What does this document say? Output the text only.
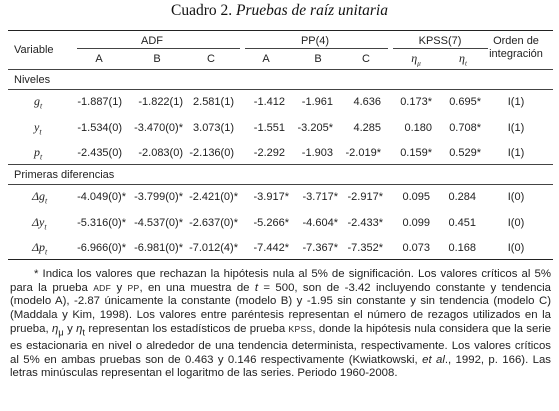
Cuadro 2. Pruebas de raíz unitaria
Variable
ADF	PP(4)	KPSS(7)	Orden de
integración
A	B	C	A	B	C	$\eta_\mu$	$\eta_t$
Niveles
$g_t$	-1.887(1) -1.822(1) 2.581(1) -1.412 -1.961 4.636 0.173* 0.695* I(1)
$y_t$	-1.534(0) -3.470(0)* 3.073(1) -1.551 -3.205* 4.285 0.180 0.708* I(1)
$p_t$	-2.435(0) -2.083(0) -2.136(0) -2.292 -1.903 -2.019* 0.159* 0.529* I(1)
Primeras diferencias
$\Delta g_t$	-4.049(0)* -3.799(0)* -2.421(0)* -3.917* -3.717* -2.917* 0.095 0.284	I(0)
$\Delta y_t$	-5.316(0)* -4.537(0)* -2.637(0)* -5.266* -4.604* -2.433* 0.099 0.451	I(0)
$\Delta p_t$	-6.966(0)* -6.981(0)* -7.012(4)* -7.442* -7.367* -7.352* 0.073 0.168	I(0)
* Indica los valores que rechazan la hipótesis nula al 5% de significación. Los valores críticos al 5% para la prueba ADF y PP, en una muestra de t = 500, son de -3.42 incluyendo constante y tendencia (modelo A), -2.87 únicamente la constante (modelo B) y -1.95 sin constante y sin tendencia (modelo C) (Maddala y Kim, 1998). Los valores entre paréntesis representan el número de rezagos utilizados en la prueba, $\eta_\mu$ y $\eta_t$ representan los estadísticos de prueba KPSS, donde la hipótesis nula considera que la serie es estacionaria en nivel o alrededor de una tendencia determinista, respectivamente. Los valores críticos al 5% en ambas pruebas son de 0.463 y 0.146 respectivamente (Kwiatkowski, et al., 1992, p. 166). Las letras minúsculas representan el logaritmo de las series. Periodo 1960-2008.
